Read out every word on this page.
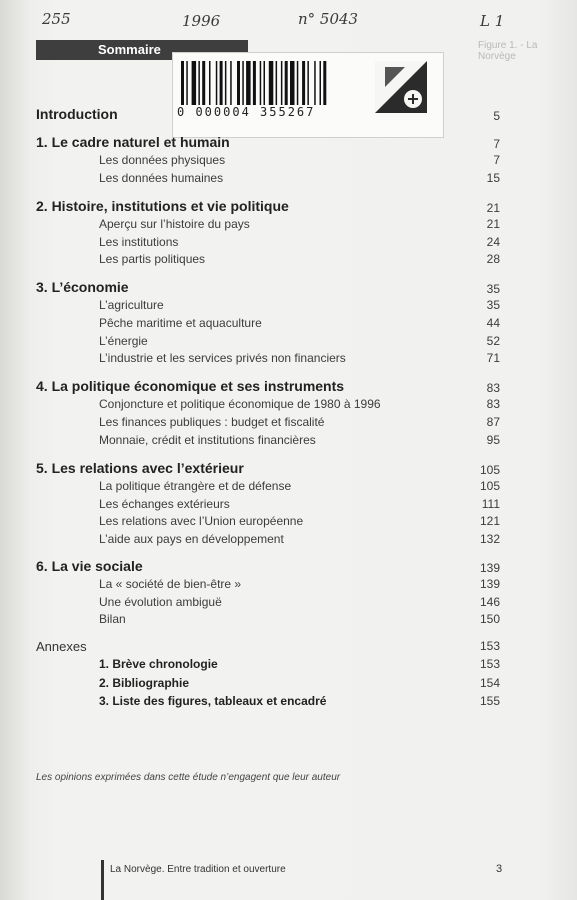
255	1996	n° 5043	L 1
Sommaire	Figure 1. - La Norvège
0 000004 355267
Introduction	5
1. Le cadre naturel et humain	7
Les données physiques	7
Les données humaines	15
2. Histoire, institutions et vie politique	21
Aperçu sur l’histoire du pays	21
Les institutions	24
Les partis politiques	28
3. L’économie	35
L’agriculture	35
Pêche maritime et aquaculture	44
L’énergie	52
L’industrie et les services privés non financiers	71
4. La politique économique et ses instruments	83
Conjoncture et politique économique de 1980 à 1996	83
Les finances publiques : budget et fiscalité	87
Monnaie, crédit et institutions financières	95
5. Les relations avec l’extérieur	105
La politique étrangère et de défense	105
Les échanges extérieurs	111
Les relations avec l’Union européenne	121
L’aide aux pays en développement	132
6. La vie sociale	139
La « société de bien-être »	139
Une évolution ambiguë	146
Bilan	150
Annexes	153
1. Brève chronologie	153
2. Bibliographie	154
3. Liste des figures, tableaux et encadré	155
Les opinions exprimées dans cette étude n’engagent que leur auteur
La Norvège. Entre tradition et ouverture	3
